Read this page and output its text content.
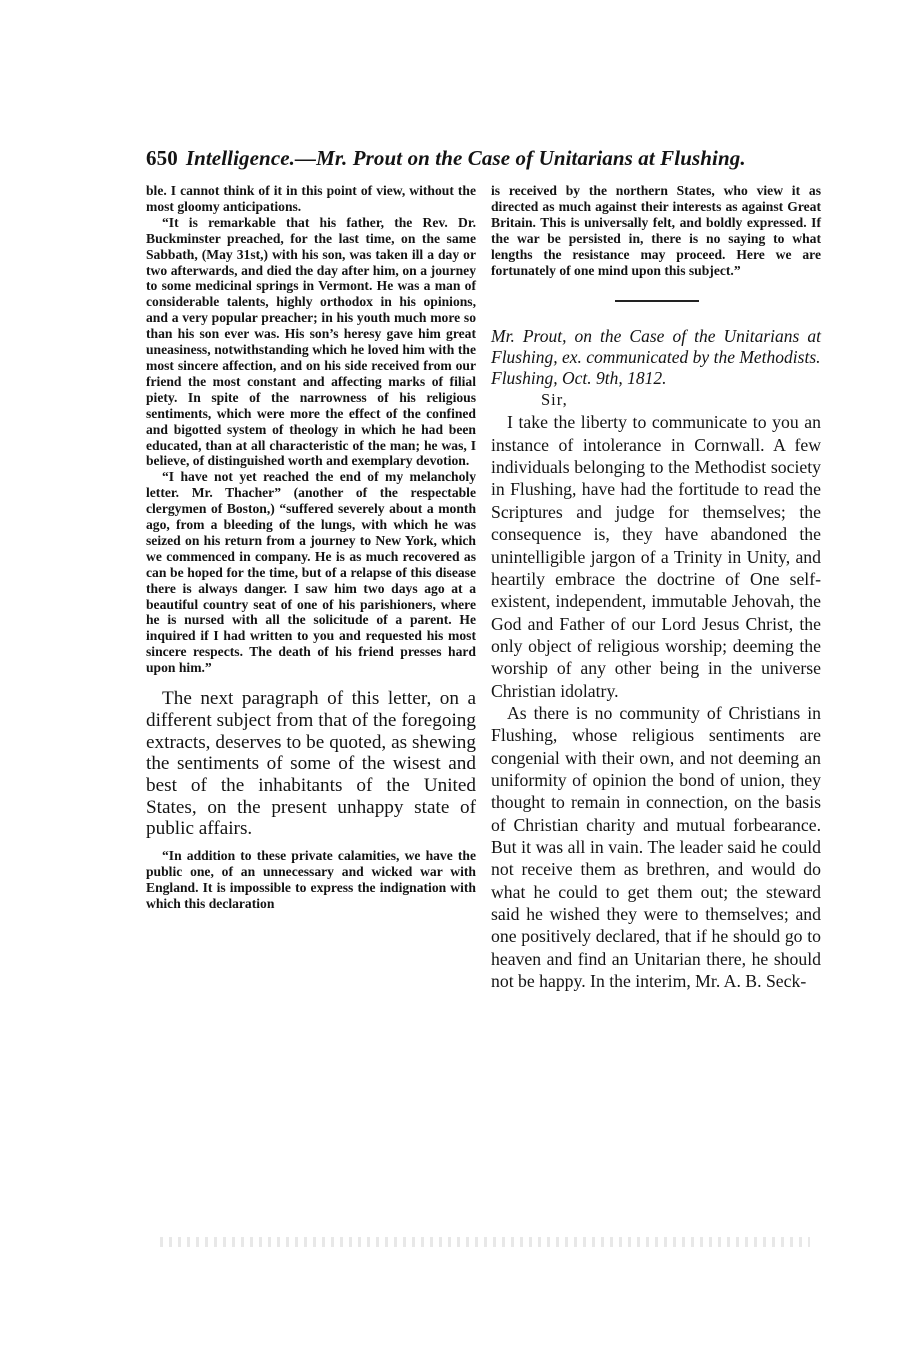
650 Intelligence.—Mr. Prout on the Case of Unitarians at Flushing.

ble. I cannot think of it in this point of view, without the most gloomy anticipations.

“It is remarkable that his father, the Rev. Dr. Buckminster preached, for the last time, on the same Sabbath, (May 31st,) with his son, was taken ill a day or two afterwards, and died the day after him, on a journey to some medicinal springs in Vermont. He was a man of considerable talents, highly orthodox in his opinions, and a very popular preacher; in his youth much more so than his son ever was. His son’s heresy gave him great uneasiness, notwithstanding which he loved him with the most sincere affection, and on his side received from our friend the most constant and affecting marks of filial piety. In spite of the narrowness of his religious sentiments, which were more the effect of the confined and bigotted system of theology in which he had been educated, than at all characteristic of the man; he was, I believe, of distinguished worth and exemplary devotion.

“I have not yet reached the end of my melancholy letter. Mr. Thacher” (another of the respectable clergymen of Boston,) “suffered severely about a month ago, from a bleeding of the lungs, with which he was seized on his return from a journey to New York, which we commenced in company. He is as much recovered as can be hoped for the time, but of a relapse of this disease there is always danger. I saw him two days ago at a beautiful country seat of one of his parishioners, where he is nursed with all the solicitude of a parent. He inquired if I had written to you and requested his most sincere respects. The death of his friend presses hard upon him.”

The next paragraph of this letter, on a different subject from that of the foregoing extracts, deserves to be quoted, as shewing the sentiments of some of the wisest and best of the inhabitants of the United States, on the present unhappy state of public affairs.

“In addition to these private calamities, we have the public one, of an unnecessary and wicked war with England. It is impossible to express the indignation with which this declaration

is received by the northern States, who view it as directed as much against their interests as against Great Britain. This is universally felt, and boldly expressed. If the war be persisted in, there is no saying to what lengths the resistance may proceed. Here we are fortunately of one mind upon this subject.”

Mr. Prout, on the Case of the Unitarians at Flushing, ex. communicated by the Methodists.

Flushing, Oct. 9th, 1812.

Sir,

I take the liberty to communicate to you an instance of intolerance in Cornwall. A few individuals belonging to the Methodist society in Flushing, have had the fortitude to read the Scriptures and judge for themselves; the consequence is, they have abandoned the unintelligible jargon of a Trinity in Unity, and heartily embrace the doctrine of One self-existent, independent, immutable Jehovah, the God and Father of our Lord Jesus Christ, the only object of religious worship; deeming the worship of any other being in the universe Christian idolatry.

As there is no community of Christians in Flushing, whose religious sentiments are congenial with their own, and not deeming an uniformity of opinion the bond of union, they thought to remain in connection, on the basis of Christian charity and mutual forbearance. But it was all in vain. The leader said he could not receive them as brethren, and would do what he could to get them out; the steward said he wished they were to themselves; and one positively declared, that if he should go to heaven and find an Unitarian there, he should not be happy. In the interim, Mr. A. B. Seck-
